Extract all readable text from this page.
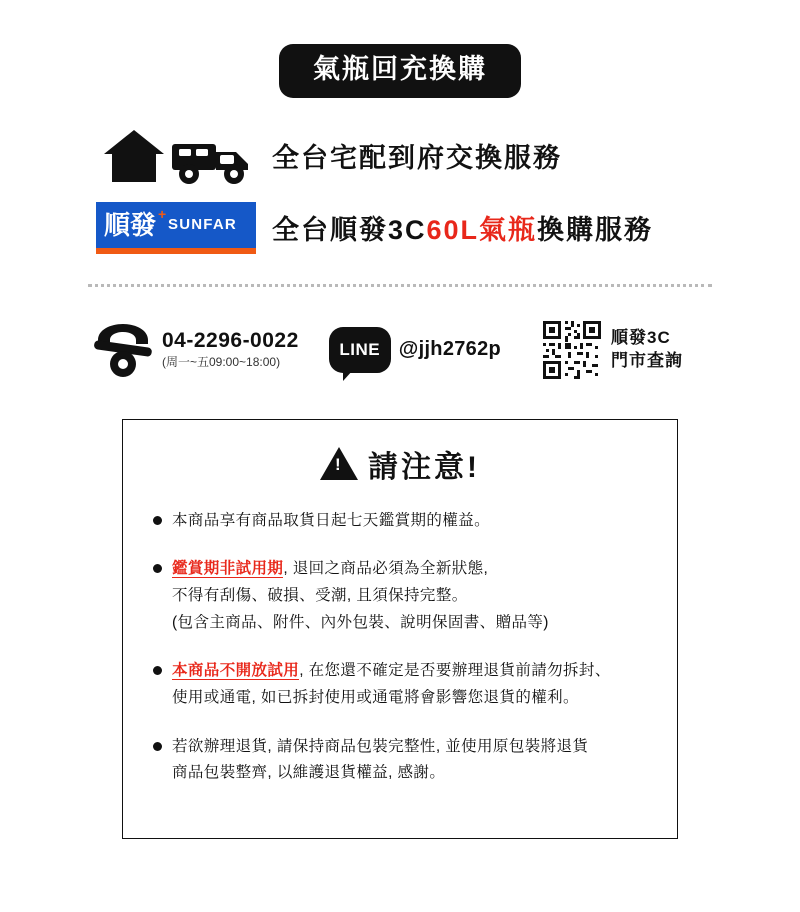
氣瓶回充換購
全台宅配到府交換服務
順發 +
SUNFAR 全台順發3C60L氣瓶換購服務
04-2296-0022
(周一~五09:00~18:00)
LINE @jjh2762p
順發3C
門市查詢
!
請注意!
本商品享有商品取貨日起七天鑑賞期的權益。
鑑賞期非試用期, 退回之商品必須為全新狀態,
不得有刮傷、破損、受潮, 且須保持完整。
(包含主商品、附件、內外包裝、說明保固書、贈品等)
本商品不開放試用, 在您還不確定是否要辦理退貨前請勿拆封、
使用或通電, 如已拆封使用或通電將會影響您退貨的權利。
若欲辦理退貨, 請保持商品包裝完整性, 並使用原包裝將退貨
商品包裝整齊, 以維護退貨權益, 感謝。
